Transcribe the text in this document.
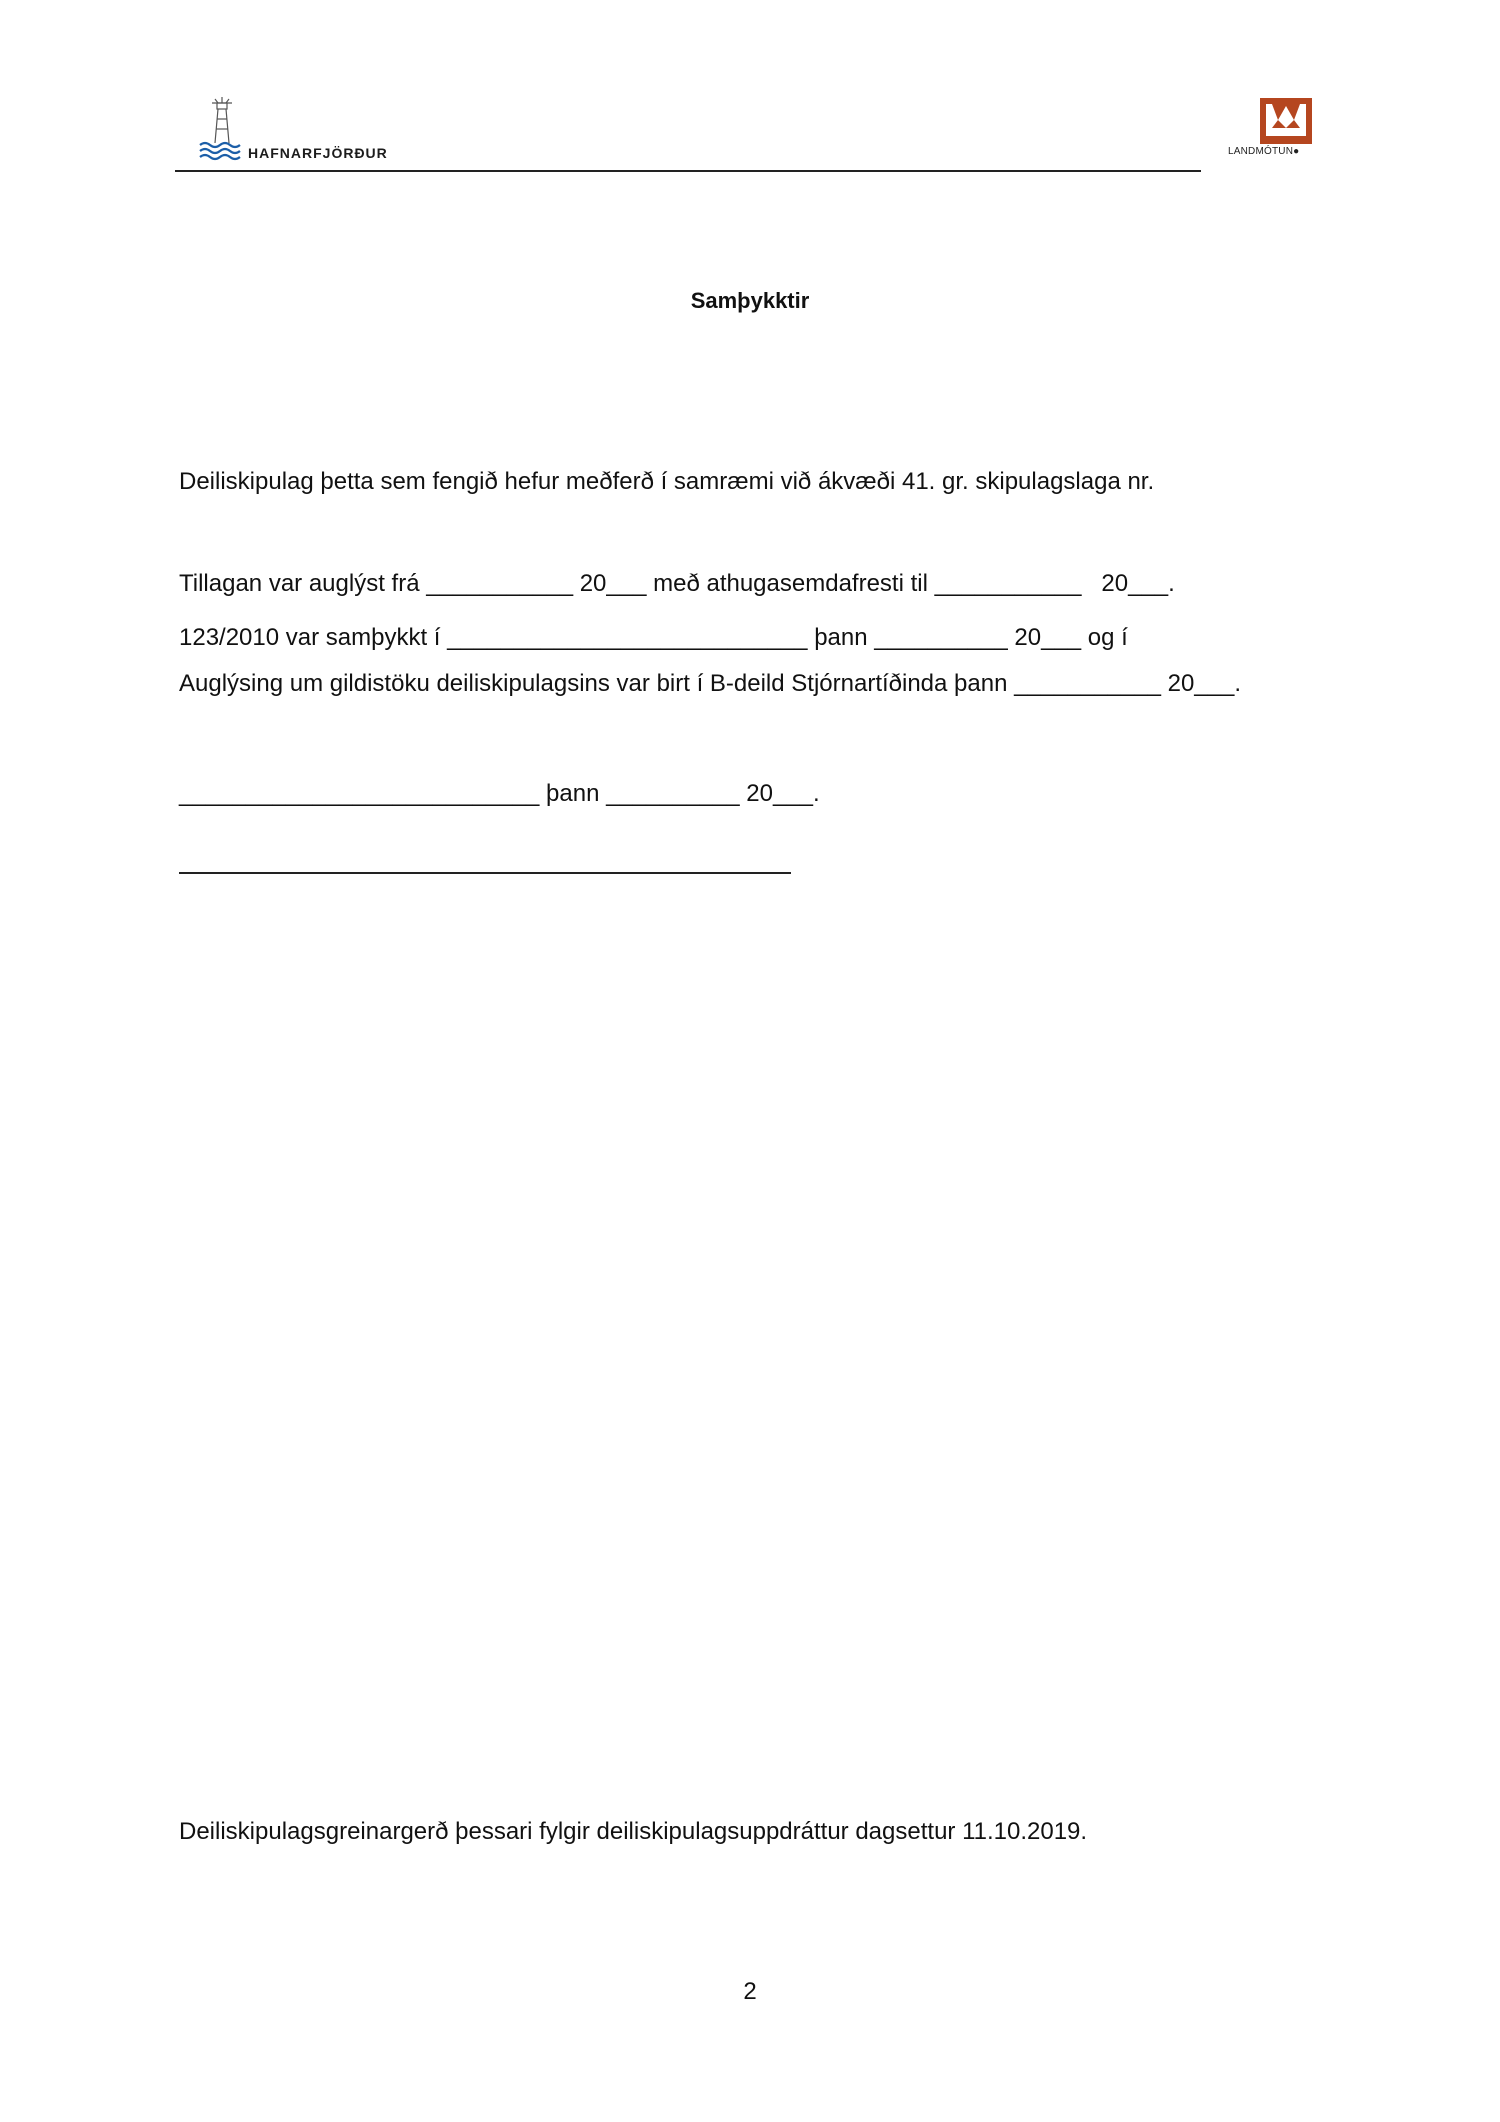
HAFNARFJÖRÐUR	LANDMÓTUN●
Samþykktir

Deiliskipulag þetta sem fengið hefur meðferð í samræmi við ákvæði 41. gr. skipulagslaga nr.

123/2010 var samþykkt í ___________________________ þann __________ 20___ og í

___________________________ þann __________ 20___.

Tillagan var auglýst frá ___________ 20___ með athugasemdafresti til ___________   20___.
Auglýsing um gildistöku deiliskipulagsins var birt í B-deild Stjórnartíðinda þann ___________ 20___.
Deiliskipulagsgreinargerð þessari fylgir deiliskipulagsuppdráttur dagsettur 11.10.2019.
2
